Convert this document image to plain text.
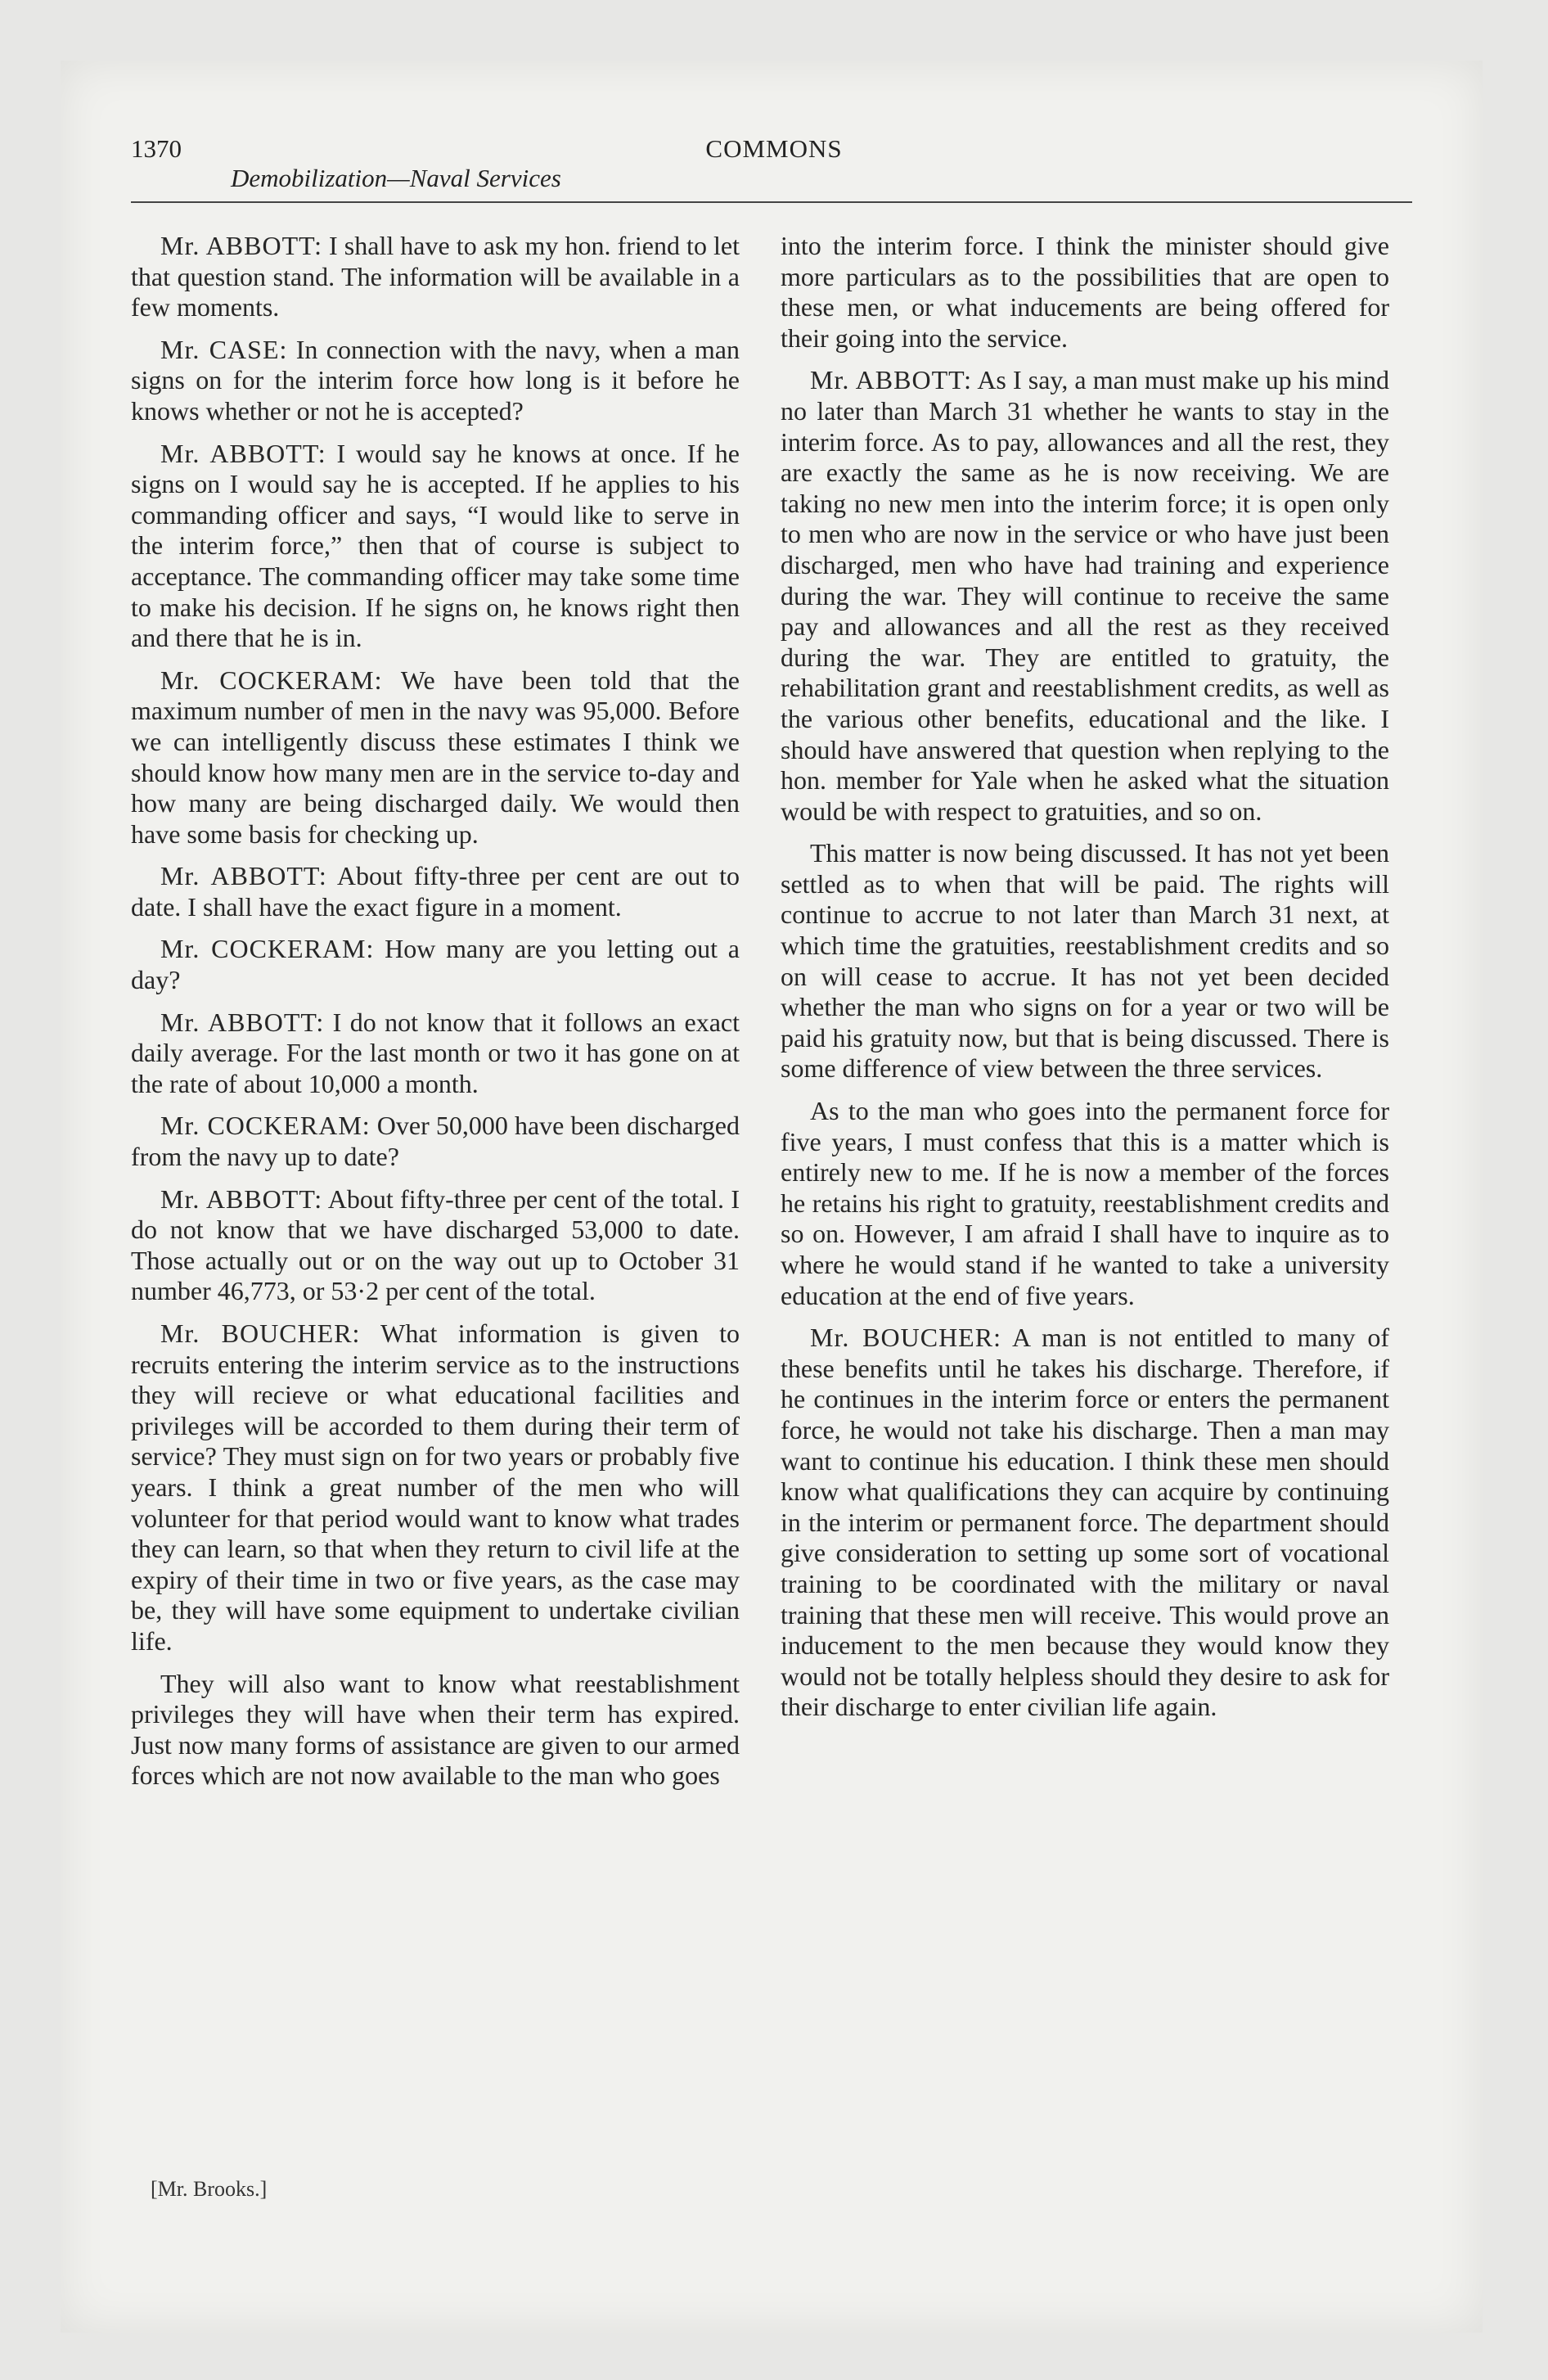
1370	COMMONS
Demobilization—Naval Services

Mr. ABBOTT: I shall have to ask my hon. friend to let that question stand. The information will be available in a few moments.

Mr. CASE: In connection with the navy, when a man signs on for the interim force how long is it before he knows whether or not he is accepted?

Mr. ABBOTT: I would say he knows at once. If he signs on I would say he is accepted. If he applies to his commanding officer and says, “I would like to serve in the interim force,” then that of course is subject to acceptance. The commanding officer may take some time to make his decision. If he signs on, he knows right then and there that he is in.

Mr. COCKERAM: We have been told that the maximum number of men in the navy was 95,000. Before we can intelligently discuss these estimates I think we should know how many men are in the service to-day and how many are being discharged daily. We would then have some basis for checking up.

Mr. ABBOTT: About fifty-three per cent are out to date. I shall have the exact figure in a moment.

Mr. COCKERAM: How many are you letting out a day?

Mr. ABBOTT: I do not know that it follows an exact daily average. For the last month or two it has gone on at the rate of about 10,000 a month.

Mr. COCKERAM: Over 50,000 have been discharged from the navy up to date?

Mr. ABBOTT: About fifty-three per cent of the total. I do not know that we have discharged 53,000 to date. Those actually out or on the way out up to October 31 number 46,773, or 53·2 per cent of the total.

Mr. BOUCHER: What information is given to recruits entering the interim service as to the instructions they will recieve or what educational facilities and privileges will be accorded to them during their term of service? They must sign on for two years or probably five years. I think a great number of the men who will volunteer for that period would want to know what trades they can learn, so that when they return to civil life at the expiry of their time in two or five years, as the case may be, they will have some equipment to undertake civilian life.

They will also want to know what reestablishment privileges they will have when their term has expired. Just now many forms of assistance are given to our armed forces which are not now available to the man who goes

into the interim force. I think the minister should give more particulars as to the possibilities that are open to these men, or what inducements are being offered for their going into the service.

Mr. ABBOTT: As I say, a man must make up his mind no later than March 31 whether he wants to stay in the interim force. As to pay, allowances and all the rest, they are exactly the same as he is now receiving. We are taking no new men into the interim force; it is open only to men who are now in the service or who have just been discharged, men who have had training and experience during the war. They will continue to receive the same pay and allowances and all the rest as they received during the war. They are entitled to gratuity, the rehabilitation grant and reestablishment credits, as well as the various other benefits, educational and the like. I should have answered that question when replying to the hon. member for Yale when he asked what the situation would be with respect to gratuities, and so on.

This matter is now being discussed. It has not yet been settled as to when that will be paid. The rights will continue to accrue to not later than March 31 next, at which time the gratuities, reestablishment credits and so on will cease to accrue. It has not yet been decided whether the man who signs on for a year or two will be paid his gratuity now, but that is being discussed. There is some difference of view between the three services.

As to the man who goes into the permanent force for five years, I must confess that this is a matter which is entirely new to me. If he is now a member of the forces he retains his right to gratuity, reestablishment credits and so on. However, I am afraid I shall have to inquire as to where he would stand if he wanted to take a university education at the end of five years.

Mr. BOUCHER: A man is not entitled to many of these benefits until he takes his discharge. Therefore, if he continues in the interim force or enters the permanent force, he would not take his discharge. Then a man may want to continue his education. I think these men should know what qualifications they can acquire by continuing in the interim or permanent force. The department should give consideration to setting up some sort of vocational training to be coordinated with the military or naval training that these men will receive. This would prove an inducement to the men because they would know they would not be totally helpless should they desire to ask for their discharge to enter civilian life again.

[Mr. Brooks.]
